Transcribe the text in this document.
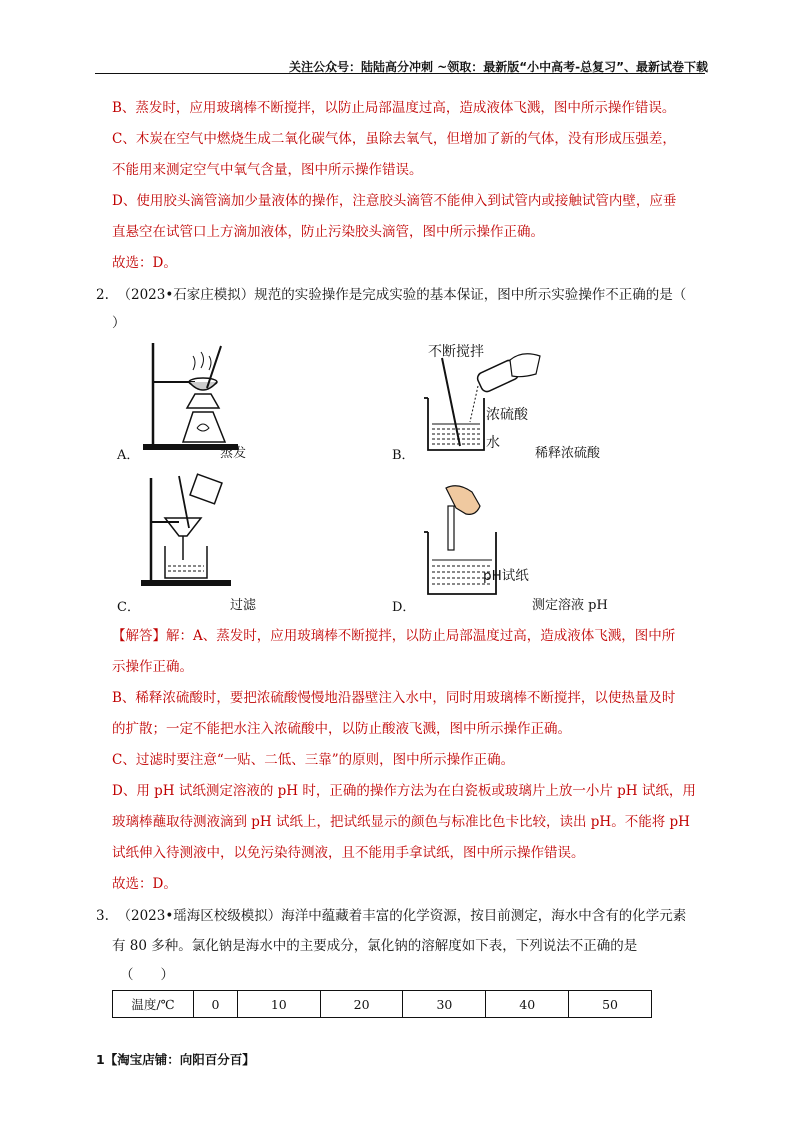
关注公众号：陆陆高分冲刺 ~领取：最新版“小中高考-总复习”、最新试卷下载
B、蒸发时，应用玻璃棒不断搅拌，以防止局部温度过高，造成液体飞溅，图中所示操作错误。
C、木炭在空气中燃烧生成二氧化碳气体，虽除去氧气，但增加了新的气体，没有形成压强差，
不能用来测定空气中氧气含量，图中所示操作错误。
D、使用胶头滴管滴加少量液体的操作，注意胶头滴管不能伸入到试管内或接触试管内壁，应垂
直悬空在试管口上方滴加液体，防止污染胶头滴管，图中所示操作正确。
故选：D。
2. （2023•石家庄模拟）规范的实验操作是完成实验的基本保证，图中所示实验操作不正确的是（
）
A．	蒸发
不断搅拌
浓硫酸
水
B．	稀释浓硫酸
C．	过滤
pH试纸
D．	测定溶液 pH
【解答】解：A、蒸发时，应用玻璃棒不断搅拌，以防止局部温度过高，造成液体飞溅，图中所
示操作正确。
B、稀释浓硫酸时，要把浓硫酸慢慢地沿器壁注入水中，同时用玻璃棒不断搅拌，以使热量及时
的扩散；一定不能把水注入浓硫酸中，以防止酸液飞溅，图中所示操作正确。
C、过滤时要注意“一贴、二低、三靠”的原则，图中所示操作正确。
D、用 pH 试纸测定溶液的 pH 时，正确的操作方法为在白瓷板或玻璃片上放一小片 pH 试纸，用
玻璃棒蘸取待测液滴到 pH 试纸上，把试纸显示的颜色与标准比色卡比较，读出 pH。不能将 pH
试纸伸入待测液中，以免污染待测液，且不能用手拿试纸，图中所示操作错误。
故选：D。
3. （2023•瑶海区校级模拟）海洋中蕴藏着丰富的化学资源，按目前测定，海水中含有的化学元素
有 80 多种。氯化钠是海水中的主要成分，氯化钠的溶解度如下表，下列说法不正确的是
（　　）
温度/℃	0	10	20	30	40	50
1【淘宝店铺：向阳百分百】
